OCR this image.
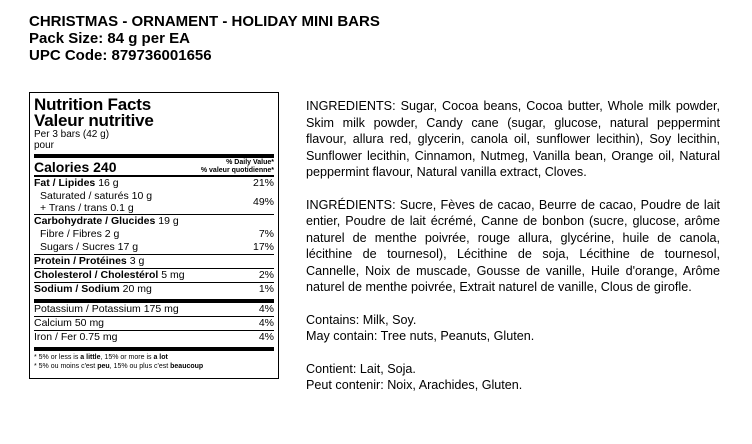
CHRISTMAS - ORNAMENT - HOLIDAY MINI BARS
Pack Size: 84 g per EA
UPC Code: 879736001656
Nutrition Facts
Valeur nutritive
Per 3 bars (42 g)
pour
Calories 240	% Daily Value*
% valeur quotidienne*
Fat / Lipides 16 g	21%
Saturated / saturés 10 g
+ Trans / trans 0.1 g	49%
Carbohydrate / Glucides 19 g
Fibre / Fibres 2 g	7%
Sugars / Sucres 17 g	17%
Protein / Protéines 3 g
Cholesterol / Cholestérol 5 mg	2%
Sodium / Sodium 20 mg	1%
Potassium / Potassium 175 mg	4%
Calcium 50 mg	4%
Iron / Fer 0.75 mg	4%
* 5% or less is a little, 15% or more is a lot
* 5% ou moins c'est peu, 15% ou plus c'est beaucoup

INGREDIENTS: Sugar, Cocoa beans, Cocoa butter, Whole milk powder, Skim milk powder, Candy cane (sugar, glucose, natural peppermint flavour, allura red, glycerin, canola oil, sunflower lecithin), Soy lecithin, Sunflower lecithin, Cinnamon, Nutmeg, Vanilla bean, Orange oil, Natural peppermint flavour, Natural vanilla extract, Cloves.

INGRÉDIENTS: Sucre, Fèves de cacao, Beurre de cacao, Poudre de lait entier, Poudre de lait écrémé, Canne de bonbon (sucre, glucose, arôme naturel de menthe poivrée, rouge allura, glycérine, huile de canola, lécithine de tournesol), Lécithine de soja, Lécithine de tournesol, Cannelle, Noix de muscade, Gousse de vanille, Huile d'orange, Arôme naturel de menthe poivrée, Extrait naturel de vanille, Clous de girofle.

Contains: Milk, Soy.

May contain: Tree nuts, Peanuts, Gluten.

Contient: Lait, Soja.

Peut contenir: Noix, Arachides, Gluten.
